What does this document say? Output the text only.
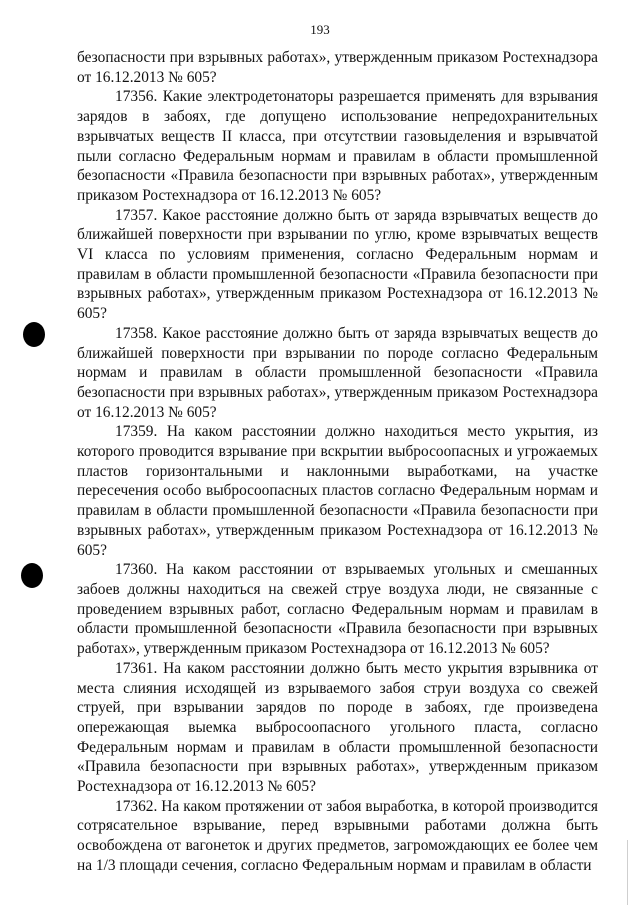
193

безопасности при взрывных работах», утвержденным приказом Ростехнадзора от 16.12.2013 № 605?

17356. Какие электродетонаторы разрешается применять для взрывания зарядов в забоях, где допущено использование непредохранительных взрывчатых веществ II класса, при отсутствии газовыделения и взрывчатой пыли согласно Федеральным нормам и правилам в области промышленной безопасности «Правила безопасности при взрывных работах», утвержденным приказом Ростехнадзора от 16.12.2013 № 605?

17357. Какое расстояние должно быть от заряда взрывчатых веществ до ближайшей поверхности при взрывании по углю, кроме взрывчатых веществ VI класса по условиям применения, согласно Федеральным нормам и правилам в области промышленной безопасности «Правила безопасности при взрывных работах», утвержденным приказом Ростехнадзора от 16.12.2013 № 605?

17358. Какое расстояние должно быть от заряда взрывчатых веществ до ближайшей поверхности при взрывании по породе согласно Федеральным нормам и правилам в области промышленной безопасности «Правила безопасности при взрывных работах», утвержденным приказом Ростехнадзора от 16.12.2013 № 605?

17359. На каком расстоянии должно находиться место укрытия, из которого проводится взрывание при вскрытии выбросоопасных и угрожаемых пластов горизонтальными и наклонными выработками, на участке пересечения особо выбросоопасных пластов согласно Федеральным нормам и правилам в области промышленной безопасности «Правила безопасности при взрывных работах», утвержденным приказом Ростехнадзора от 16.12.2013 № 605?

17360. На каком расстоянии от взрываемых угольных и смешанных забоев должны находиться на свежей струе воздуха люди, не связанные с проведением взрывных работ, согласно Федеральным нормам и правилам в области промышленной безопасности «Правила безопасности при взрывных работах», утвержденным приказом Ростехнадзора от 16.12.2013 № 605?

17361. На каком расстоянии должно быть место укрытия взрывника от места слияния исходящей из взрываемого забоя струи воздуха со свежей струей, при взрывании зарядов по породе в забоях, где произведена опережающая выемка выбросоопасного угольного пласта, согласно Федеральным нормам и правилам в области промышленной безопасности «Правила безопасности при взрывных работах», утвержденным приказом Ростехнадзора от 16.12.2013 № 605?

17362. На каком протяжении от забоя выработка, в которой производится сотрясательное взрывание, перед взрывными работами должна быть освобождена от вагонеток и других предметов, загромождающих ее более чем на 1/3 площади сечения, согласно Федеральным нормам и правилам в области
